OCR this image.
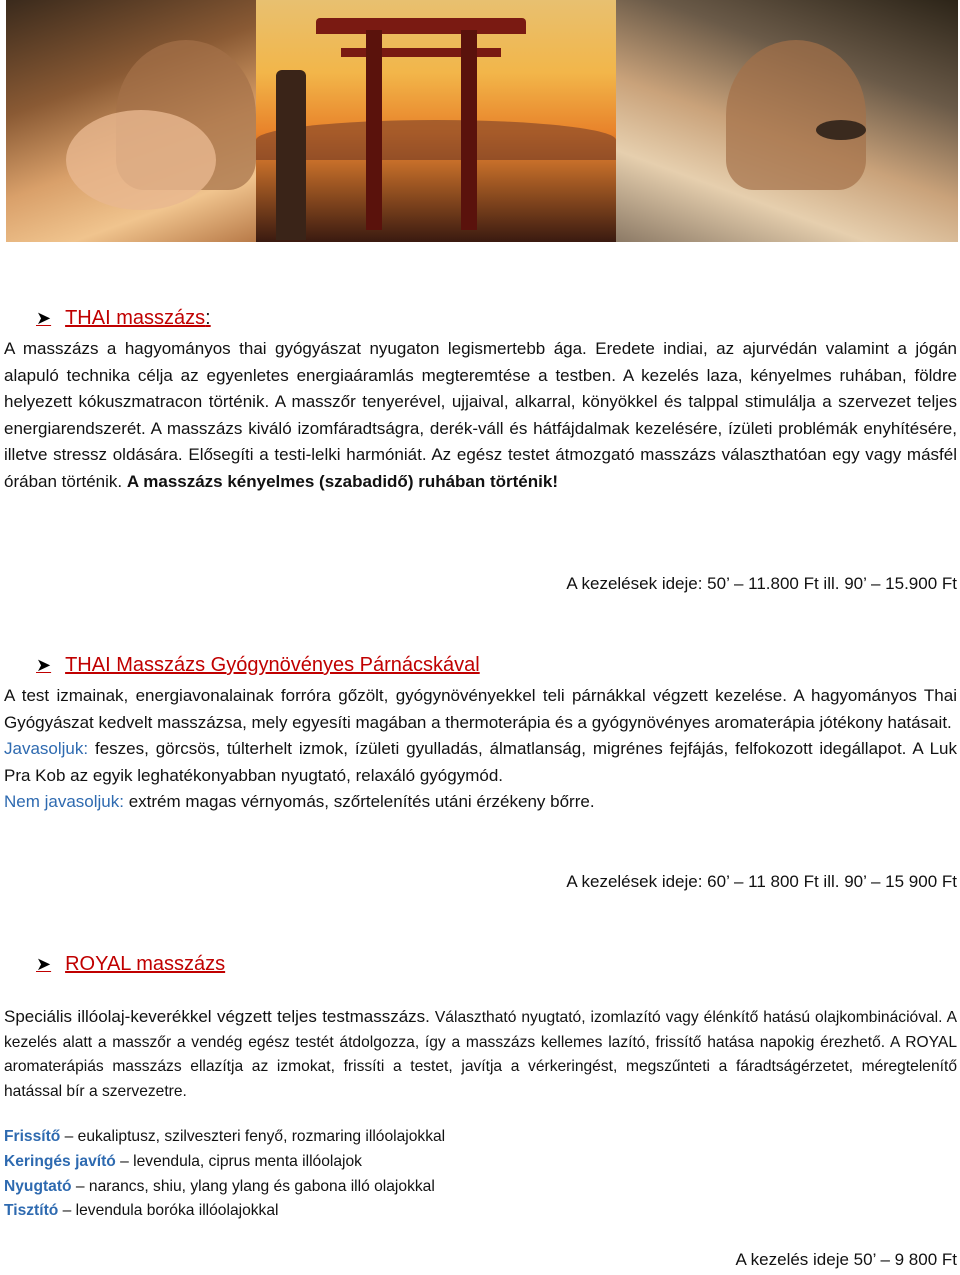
➤ THAI masszázs:
A masszázs a hagyományos thai gyógyászat nyugaton legismertebb ága. Eredete indiai, az ajurvédán valamint a jógán alapuló technika célja az egyenletes energiaáramlás megteremtése a testben. A kezelés laza, kényelmes ruhában, földre helyezett kókuszmatracon történik. A masszőr tenyerével, ujjaival, alkarral, könyökkel és talppal stimulálja a szervezet teljes energiarendszerét. A masszázs kiváló izomfáradtságra, derék-váll és hátfájdalmak kezelésére, ízületi problémák enyhítésére, illetve stressz oldására. Elősegíti a testi-lelki harmóniát. Az egész testet átmozgató masszázs választhatóan egy vagy másfél órában történik. A masszázs kényelmes (szabadidő) ruhában történik!
A kezelések ideje: 50’ – 11.800 Ft ill. 90’ – 15.900 Ft
➤ THAI Masszázs Gyógynövényes Párnácskával
A test izmainak, energiavonalainak forróra gőzölt, gyógynövényekkel teli párnákkal végzett kezelése. A hagyományos Thai Gyógyászat kedvelt masszázsa, mely egyesíti magában a thermoterápia és a gyógynövényes aromaterápia jótékony hatásait.
Javasoljuk: feszes, görcsös, túlterhelt izmok, ízületi gyulladás, álmatlanság, migrénes fejfájás, felfokozott idegállapot. A Luk Pra Kob az egyik leghatékonyabban nyugtató, relaxáló gyógymód.
Nem javasoljuk: extrém magas vérnyomás, szőrtelenítés utáni érzékeny bőrre.
A kezelések ideje: 60’ – 11 800 Ft ill. 90’ – 15 900 Ft
➤ ROYAL masszázs
Speciális illóolaj-keverékkel végzett teljes testmasszázs. Választható nyugtató, izomlazító vagy élénkítő hatású olajkombinációval. A kezelés alatt a masszőr a vendég egész testét átdolgozza, így a masszázs kellemes lazító, frissítő hatása napokig érezhető. A ROYAL aromaterápiás masszázs ellazítja az izmokat, frissíti a testet, javítja a vérkeringést, megszűnteti a fáradtságérzetet, méregtelenítő hatással bír a szervezetre.
Frissítő – eukaliptusz, szilveszteri fenyő, rozmaring illóolajokkal
Keringés javító – levendula, ciprus menta illóolajok
Nyugtató – narancs, shiu, ylang ylang és gabona illó olajokkal
Tisztító – levendula boróka illóolajokkal
A kezelés ideje 50’ – 9 800 Ft
